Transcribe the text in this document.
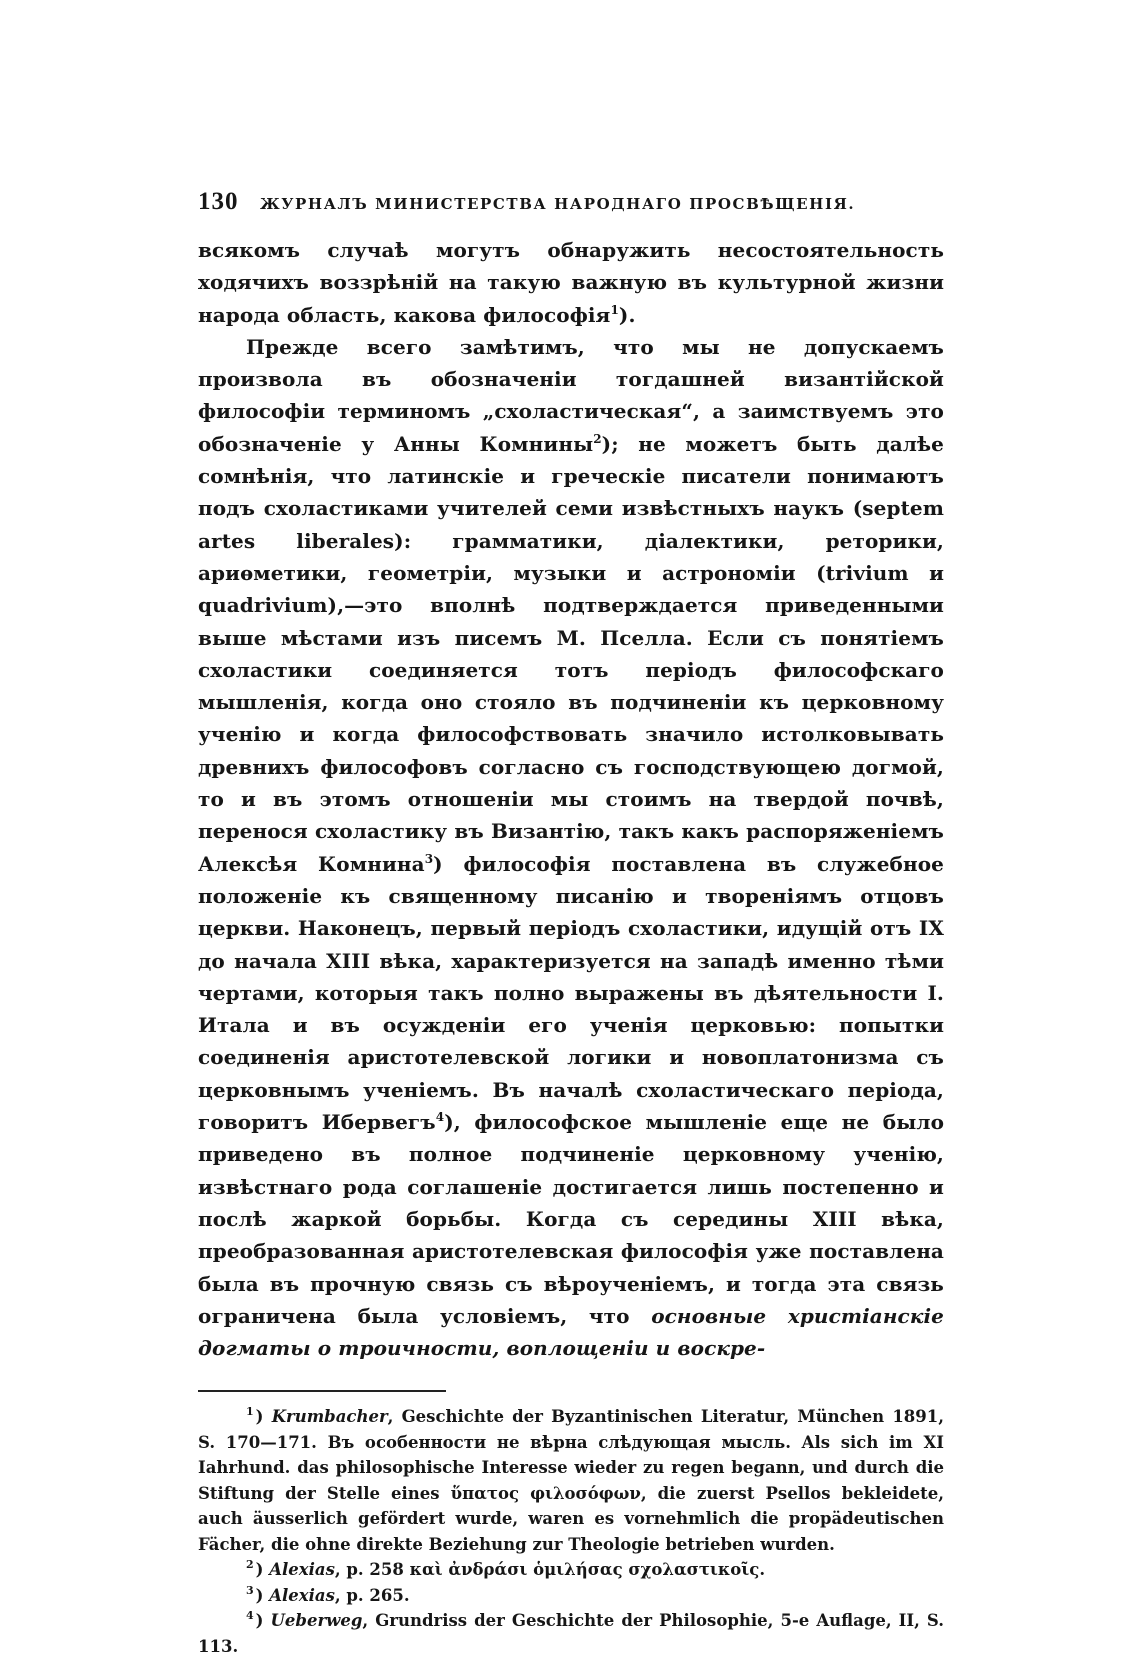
130	ЖУРНАЛЪ МИНИСТЕРСТВА НАРОДНАГО ПРОСВѢЩЕНІЯ.

всякомъ случаѣ могутъ обнаружить несостоятельность ходячихъ воззрѣній на такую важную въ культурной жизни народа область, какова философія$^1$).

Прежде всего замѣтимъ, что мы не допускаемъ произвола въ обозначеніи тогдашней византійской философіи терминомъ „схоластическая“, а заимствуемъ это обозначеніе у Анны Комнины$^2$); не можетъ быть далѣе сомнѣнія, что латинскіе и греческіе писатели понимаютъ подъ схоластиками учителей семи извѣстныхъ наукъ (septem artes liberales): грамматики, діалектики, реторики, ариѳметики, геометріи, музыки и астрономіи (trivium и quadrivium),—это вполнѣ подтверждается приведенными выше мѣстами изъ писемъ М. Пселла. Если съ понятіемъ схоластики соединяется тотъ періодъ философскаго мышленія, когда оно стояло въ подчиненіи къ церковному ученію и когда философствовать значило истолковывать древнихъ философовъ согласно съ господствующею догмой, то и въ этомъ отношеніи мы стоимъ на твердой почвѣ, перенося схоластику въ Византію, такъ какъ распоряженіемъ Алексѣя Комнина$^3$) философія поставлена въ служебное положеніе къ священному писанію и твореніямъ отцовъ церкви. Наконецъ, первый періодъ схоластики, идущій отъ IX до начала XIII вѣка, характеризуется на западѣ именно тѣми чертами, которыя такъ полно выражены въ дѣятельности I. Итала и въ осужденіи его ученія церковью: попытки соединенія аристотелевской логики и новоплатонизма съ церковнымъ ученіемъ. Въ началѣ схоластическаго періода, говоритъ Ибервегъ$^4$), философское мышленіе еще не было приведено въ полное подчиненіе церковному ученію, извѣстнаго рода соглашеніе достигается лишь постепенно и послѣ жаркой борьбы. Когда съ середины XIII вѣка, преобразованная аристотелевская философія уже поставлена была въ прочную связь съ вѣроученіемъ, и тогда эта связь ограничена была условіемъ, что основные христіанскіе догматы о троичности, воплощеніи и воскре-

$^1$ ) Krumbacher, Geschichte der Byzantinischen Literatur, München 1891, S. 170—171. Въ особенности не вѣрна слѣдующая мысль. Als sich im XI Iahrhund. das philosophische Interesse wieder zu regen begann, und durch die Stiftung der Stelle eines ὕπατος φιλοσόφων, die zuerst Psellos bekleidete, auch äusserlich gefördert wurde, waren es vornehmlich die propädeutischen Fächer, die ohne direkte Beziehung zur Theologie betrieben wurden.

$^2$ ) Alexias, p. 258 καὶ ἀνδράσι ὁμιλήσας σχολαστικοῖς.

$^3$ ) Alexias, p. 265.

$^4$ ) Ueberweg, Grundriss der Geschichte der Philosophie, 5-e Auflage, II, S. 113.
